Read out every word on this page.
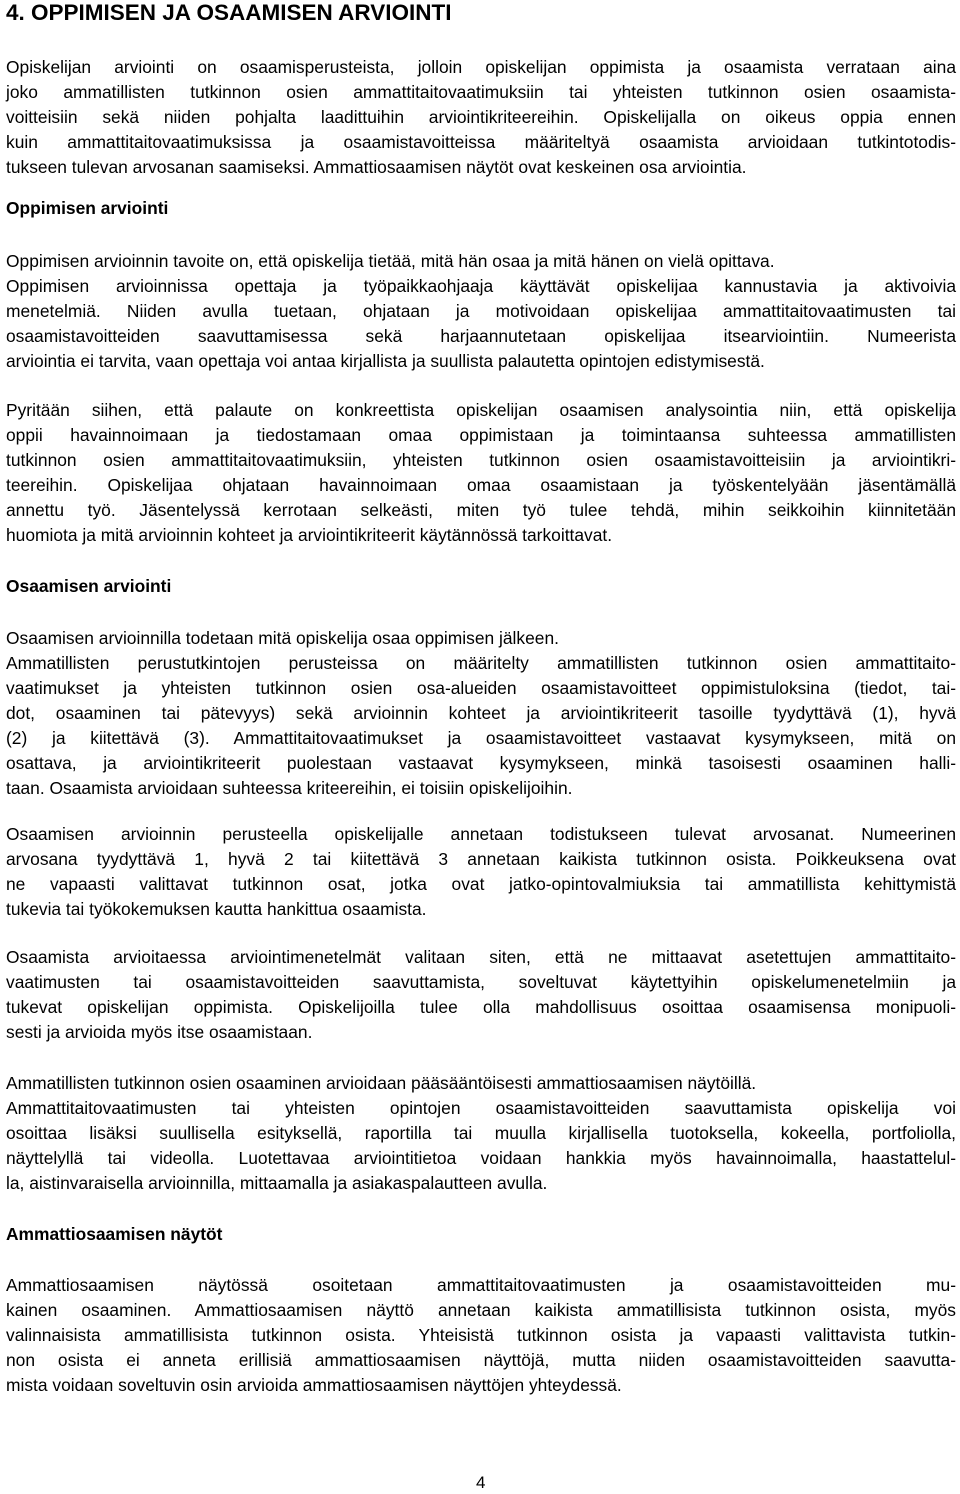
4. OPPIMISEN JA OSAAMISEN ARVIOINTI
Opiskelijan arviointi on osaamisperusteista, jolloin opiskelijan oppimista ja osaamista verrataan aina
joko ammatillisten tutkinnon osien ammattitaitovaatimuksiin tai yhteisten tutkinnon osien osaamista-
voitteisiin sekä niiden pohjalta laadittuihin arviointikriteereihin. Opiskelijalla on oikeus oppia ennen
kuin ammattitaitovaatimuksissa ja osaamistavoitteissa määriteltyä osaamista arvioidaan tutkintotodis-
tukseen tulevan arvosanan saamiseksi. Ammattiosaamisen näytöt ovat keskeinen osa arviointia.
Oppimisen arviointi
Oppimisen arvioinnin tavoite on, että opiskelija tietää, mitä hän osaa ja mitä hänen on vielä opittava.
Oppimisen arvioinnissa opettaja ja työpaikkaohjaaja käyttävät opiskelijaa kannustavia ja aktivoivia
menetelmiä. Niiden avulla tuetaan, ohjataan ja motivoidaan opiskelijaa ammattitaitovaatimusten tai
osaamistavoitteiden saavuttamisessa sekä harjaannutetaan opiskelijaa itsearviointiin. Numeerista
arviointia ei tarvita, vaan opettaja voi antaa kirjallista ja suullista palautetta opintojen edistymisestä.
Pyritään siihen, että palaute on konkreettista opiskelijan osaamisen analysointia niin, että opiskelija
oppii havainnoimaan ja tiedostamaan omaa oppimistaan ja toimintaansa suhteessa ammatillisten
tutkinnon osien ammattitaitovaatimuksiin, yhteisten tutkinnon osien osaamistavoitteisiin ja arviointikri-
teereihin. Opiskelijaa ohjataan havainnoimaan omaa osaamistaan ja työskentelyään jäsentämällä
annettu työ. Jäsentelyssä kerrotaan selkeästi, miten työ tulee tehdä, mihin seikkoihin kiinnitetään
huomiota ja mitä arvioinnin kohteet ja arviointikriteerit käytännössä tarkoittavat.
Osaamisen arviointi
Osaamisen arvioinnilla todetaan mitä opiskelija osaa oppimisen jälkeen.
Ammatillisten perustutkintojen perusteissa on määritelty ammatillisten tutkinnon osien ammattitaito-
vaatimukset ja yhteisten tutkinnon osien osa-alueiden osaamistavoitteet oppimistuloksina (tiedot, tai-
dot, osaaminen tai pätevyys) sekä arvioinnin kohteet ja arviointikriteerit tasoille tyydyttävä (1), hyvä
(2) ja kiitettävä (3). Ammattitaitovaatimukset ja osaamistavoitteet vastaavat kysymykseen, mitä on
osattava, ja arviointikriteerit puolestaan vastaavat kysymykseen, minkä tasoisesti osaaminen halli-
taan. Osaamista arvioidaan suhteessa kriteereihin, ei toisiin opiskelijoihin.
Osaamisen arvioinnin perusteella opiskelijalle annetaan todistukseen tulevat arvosanat. Numeerinen
arvosana tyydyttävä 1, hyvä 2 tai kiitettävä 3 annetaan kaikista tutkinnon osista. Poikkeuksena ovat
ne vapaasti valittavat tutkinnon osat, jotka ovat jatko-opintovalmiuksia tai ammatillista kehittymistä
tukevia tai työkokemuksen kautta hankittua osaamista.
Osaamista arvioitaessa arviointimenetelmät valitaan siten, että ne mittaavat asetettujen ammattitaito-
vaatimusten tai osaamistavoitteiden saavuttamista, soveltuvat käytettyihin opiskelumenetelmiin ja
tukevat opiskelijan oppimista. Opiskelijoilla tulee olla mahdollisuus osoittaa osaamisensa monipuoli-
sesti ja arvioida myös itse osaamistaan.
Ammatillisten tutkinnon osien osaaminen arvioidaan pääsääntöisesti ammattiosaamisen näytöillä.
Ammattitaitovaatimusten tai yhteisten opintojen osaamistavoitteiden saavuttamista opiskelija voi
osoittaa lisäksi suullisella esityksellä, raportilla tai muulla kirjallisella tuotoksella, kokeella, portfoliolla,
näyttelyllä tai videolla. Luotettavaa arviointitietoa voidaan hankkia myös havainnoimalla, haastattelul-
la, aistinvaraisella arvioinnilla, mittaamalla ja asiakaspalautteen avulla.
Ammattiosaamisen näytöt
Ammattiosaamisen näytössä osoitetaan ammattitaitovaatimusten ja osaamistavoitteiden mu-
kainen osaaminen. Ammattiosaamisen näyttö annetaan kaikista ammatillisista tutkinnon osista, myös
valinnaisista ammatillisista tutkinnon osista. Yhteisistä tutkinnon osista ja vapaasti valittavista tutkin-
non osista ei anneta erillisiä ammattiosaamisen näyttöjä, mutta niiden osaamistavoitteiden saavutta-
mista voidaan soveltuvin osin arvioida ammattiosaamisen näyttöjen yhteydessä.
4
